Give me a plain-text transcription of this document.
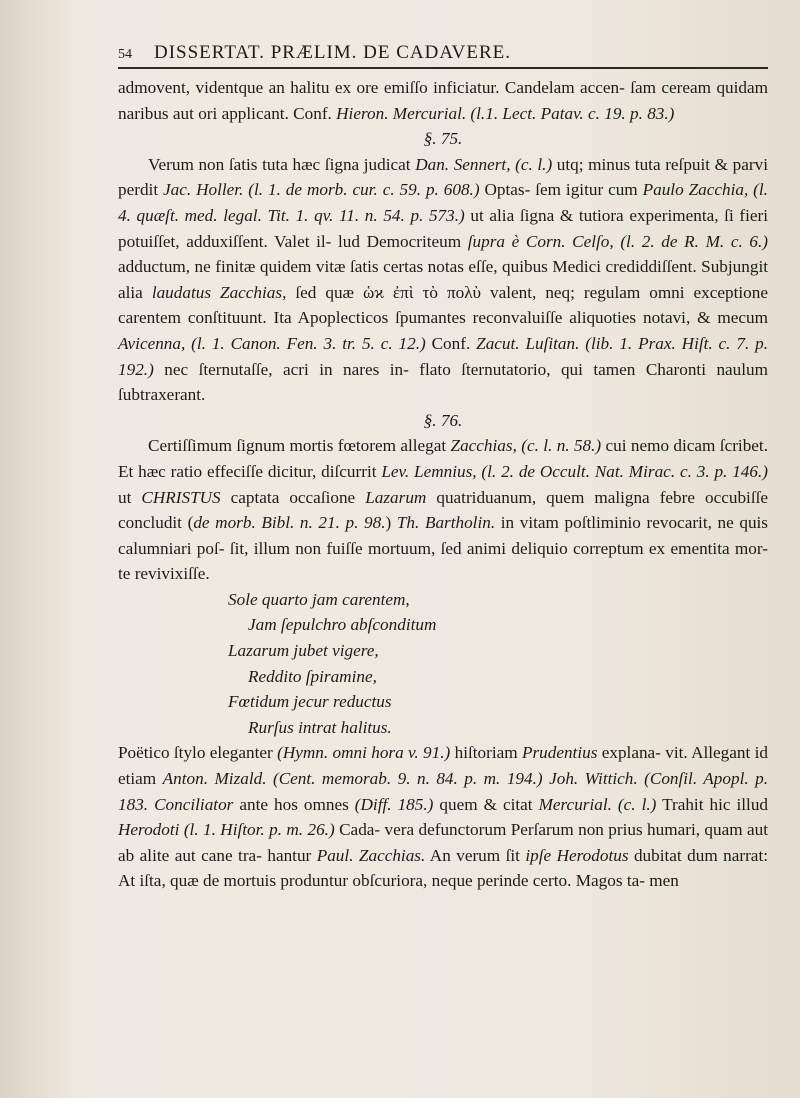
54 DISSERTAT. PRÆLIM. DE CADAVERE.

admovent, videntque an halitu ex ore emiſſo inficiatur. Candelam accen- ſam ceream quidam naribus aut ori applicant. Conf. Hieron. Mercurial. (l.1. Lect. Patav. c. 19. p. 83.)

§. 75.

Verum non ſatis tuta hæc ſigna judicat Dan. Sennert, (c. l.) utq; minus tuta reſpuit & parvi perdit Jac. Holler. (l. 1. de morb. cur. c. 59. p. 608.) Optas- ſem igitur cum Paulo Zacchia, (l. 4. quæſt. med. legal. Tit. 1. qv. 11. n. 54. p. 573.) ut alia ſigna & tutiora experimenta, ſi fieri potuiſſet, adduxiſſent. Valet il- lud Democriteum ſupra è Corn. Celſo, (l. 2. de R. M. c. 6.) adductum, ne finitæ quidem vitæ ſatis certas notas eſſe, quibus Medici crediddiſſent. Subjungit alia laudatus Zacchias, ſed quæ ὡϰ ἐπὶ τὸ πολὺ valent, neq; regulam omni exceptione carentem conſtituunt. Ita Apoplecticos ſpumantes reconvaluiſſe aliquoties notavi, & mecum Avicenna, (l. 1. Canon. Fen. 3. tr. 5. c. 12.) Conf. Zacut. Luſitan. (lib. 1. Prax. Hiſt. c. 7. p. 192.) nec ſternutaſſe, acri in nares in- flato ſternutatorio, qui tamen Charonti naulum ſubtraxerant.

§. 76.

Certiſſimum ſignum mortis fœtorem allegat Zacchias, (c. l. n. 58.) cui nemo dicam ſcribet. Et hæc ratio effeciſſe dicitur, diſcurrit Lev. Lemnius, (l. 2. de Occult. Nat. Mirac. c. 3. p. 146.) ut CHRISTUS captata occaſione Lazarum quatriduanum, quem maligna febre occubiſſe concludit (de morb. Bibl. n. 21. p. 98.) Th. Bartholin. in vitam poſtliminio revocarit, ne quis calumniari poſ- ſit, illum non fuiſſe mortuum, ſed animi deliquio correptum ex ementita mor- te revivixiſſe.

Sole quarto jam carentem,

Jam ſepulchro abſconditum

Lazarum jubet vigere,

Reddito ſpiramine,

Fœtidum jecur reductus

Rurſus intrat halitus.

Poëtico ſtylo eleganter (Hymn. omni hora v. 91.) hiſtoriam Prudentius explana- vit. Allegant id etiam Anton. Mizald. (Cent. memorab. 9. n. 84. p. m. 194.) Joh. Wittich. (Conſil. Apopl. p. 183. Conciliator ante hos omnes (Diff. 185.) quem & citat Mercurial. (c. l.) Trahit hic illud Herodoti (l. 1. Hiſtor. p. m. 26.) Cada- vera defunctorum Perſarum non prius humari, quam aut ab alite aut cane tra- hantur Paul. Zacchias. An verum ſit ipſe Herodotus dubitat dum narrat: At iſta, quæ de mortuis produntur obſcuriora, neque perinde certo. Magos ta- men
